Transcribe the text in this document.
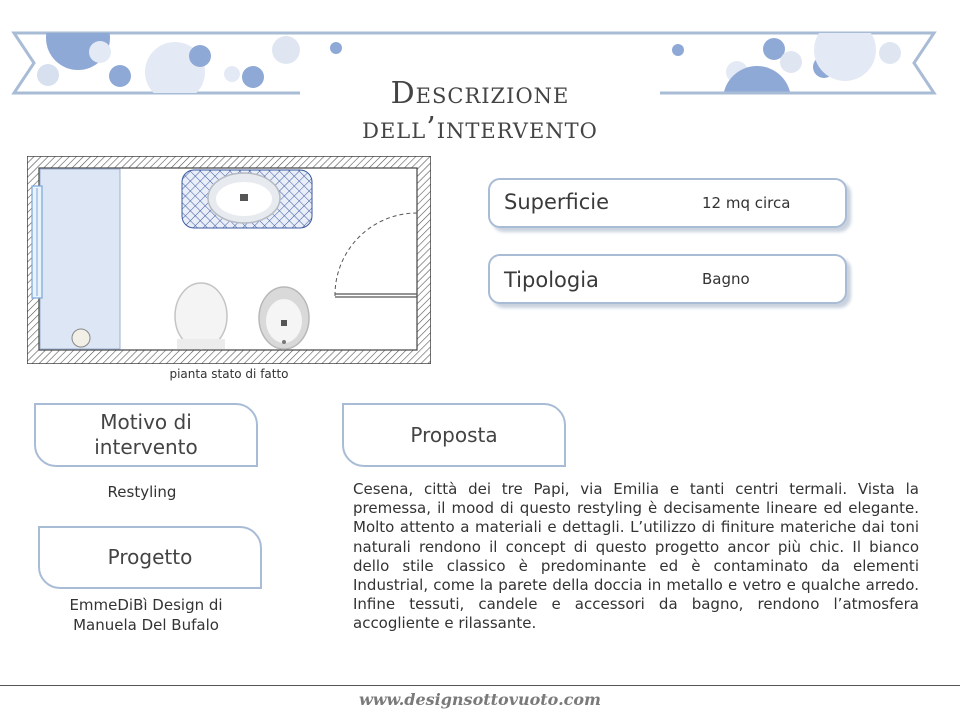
Descrizione dell’intervento
pianta stato di fatto
Superficie	12 mq circa
Tipologia	Bagno
Motivo di intervento
Restyling
Progetto
EmmeDiBì Design di
Manuela Del Bufalo
Proposta
Cesena, città dei tre Papi, via Emilia e tanti centri termali. Vista la premessa, il mood di questo restyling è decisamente lineare ed elegante. Molto attento a materiali e dettagli. L’utilizzo di finiture materiche dai toni naturali rendono il concept di questo progetto ancor più chic. Il bianco dello stile classico è predominante ed è contaminato da elementi Industrial, come la parete della doccia in metallo e vetro e qualche arredo. Infine tessuti, candele e accessori da bagno, rendono l’atmosfera accogliente e rilassante.
www.designsottovuoto.com
